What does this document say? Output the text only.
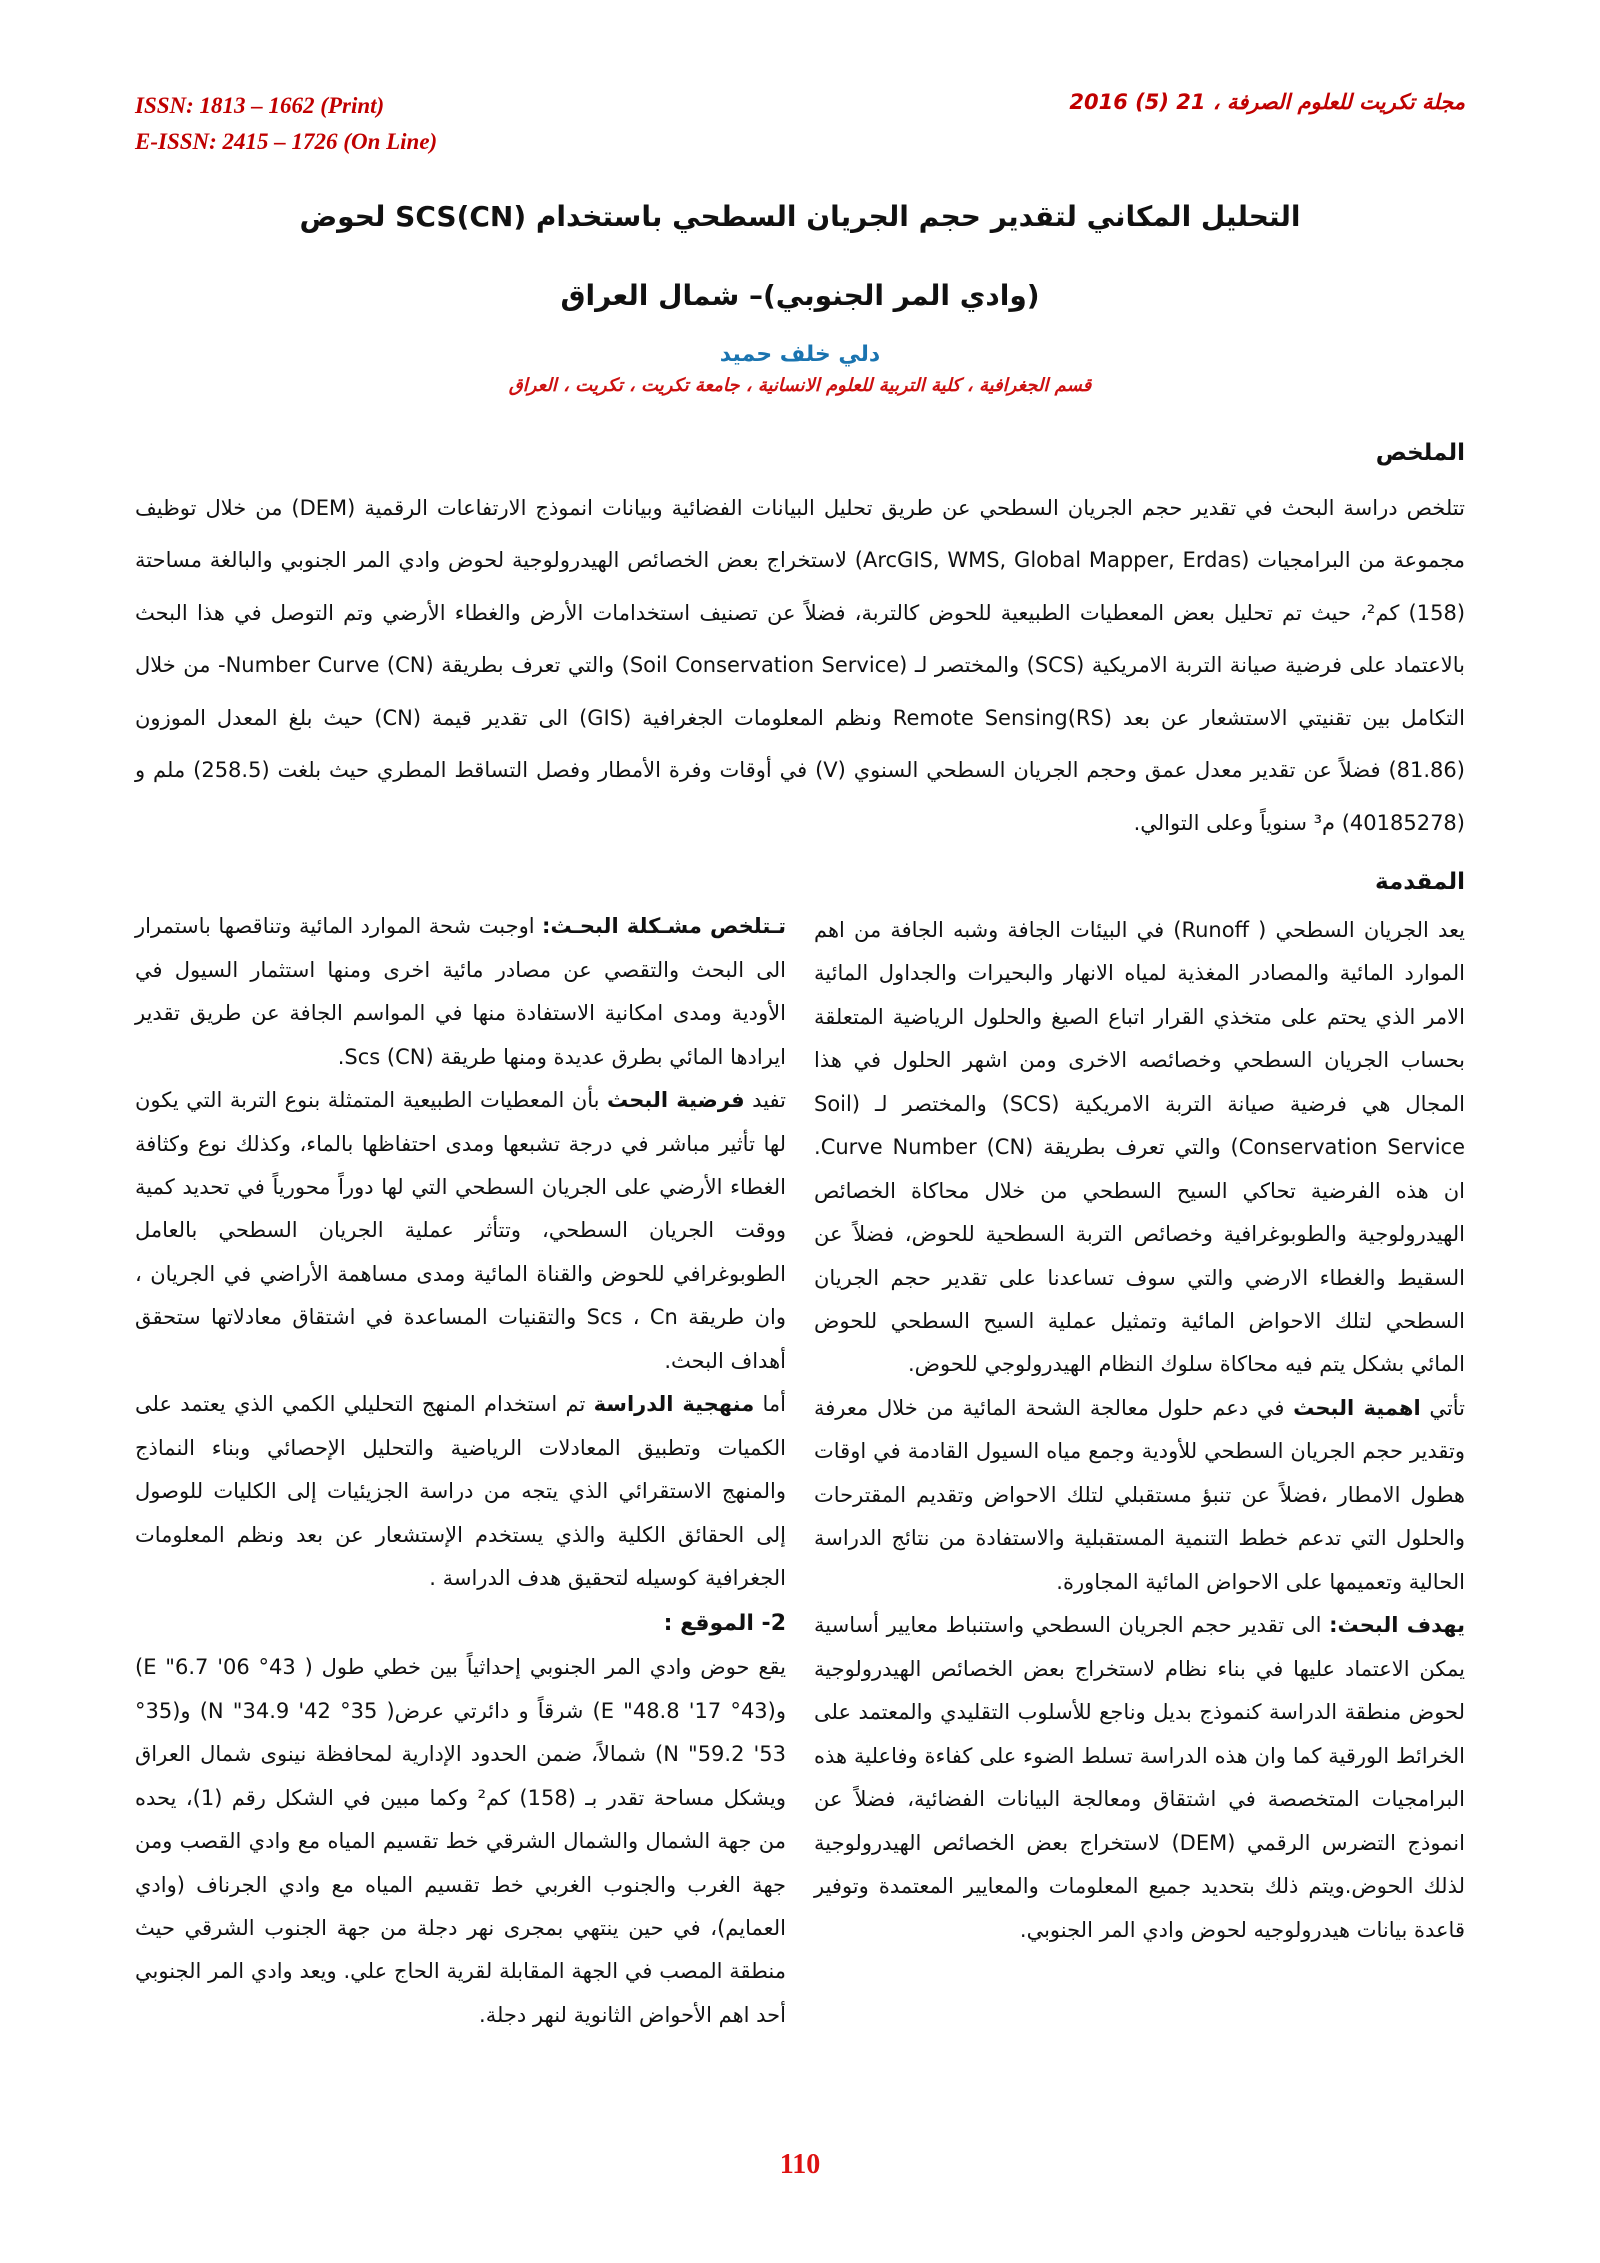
ISSN: 1813 – 1662 (Print)
E-ISSN: 2415 – 1726 (On Line)
مجلة تكريت للعلوم الصرفة ، 21 (5) 2016
التحليل المكاني لتقدير حجم الجريان السطحي باستخدام SCS(CN) لحوض
(وادي المر الجنوبي)– شمال العراق
دلي خلف حميد
قسم الجغرافية ، كلية التربية للعلوم الانسانية ، جامعة تكريت ، تكريت ، العراق
الملخص

تتلخص دراسة البحث في تقدير حجم الجريان السطحي عن طريق تحليل البيانات الفضائية وبيانات انموذج الارتفاعات الرقمية (DEM) من خلال توظيف مجموعة من البرامجيات (ArcGIS, WMS, Global Mapper, Erdas) لاستخراج بعض الخصائص الهيدرولوجية لحوض وادي المر الجنوبي والبالغة مساحتة (158) كم²، حيث تم تحليل بعض المعطيات الطبيعية للحوض كالتربة، فضلاً عن تصنيف استخدامات الأرض والغطاء الأرضي وتم التوصل في هذا البحث بالاعتماد على فرضية صيانة التربة الامريكية (SCS) والمختصر لـ (Soil Conservation Service) والتي تعرف بطريقة Number Curve (CN)- من خلال التكامل بين تقنيتي الاستشعار عن بعد Remote Sensing(RS) ونظم المعلومات الجغرافية (GIS) الى تقدير قيمة (CN) حيث بلغ المعدل الموزون (81.86) فضلاً عن تقدير معدل عمق وحجم الجريان السطحي السنوي (V) في أوقات وفرة الأمطار وفصل التساقط المطري حيث بلغت (258.5) ملم و (40185278) م³ سنوياً وعلى التوالي.

المقدمة

يعد الجريان السطحي ( Runoff) في البيئات الجافة وشبه الجافة من اهم الموارد المائية والمصادر المغذية لمياه الانهار والبحيرات والجداول المائية الامر الذي يحتم على متخذي القرار اتباع الصيغ والحلول الرياضية المتعلقة بحساب الجريان السطحي وخصائصه الاخرى ومن اشهر الحلول في هذا المجال هي فرضية صيانة التربة الامريكية (SCS) والمختصر لـ (Soil Conservation Service) والتي تعرف بطريقة Curve Number (CN). ان هذه الفرضية تحاكي السيح السطحي من خلال محاكاة الخصائص الهيدرولوجية والطوبوغرافية وخصائص التربة السطحية للحوض، فضلاً عن السقيط والغطاء الارضي والتي سوف تساعدنا على تقدير حجم الجريان السطحي لتلك الاحواض المائية وتمثيل عملية السيح السطحي للحوض المائي بشكل يتم فيه محاكاة سلوك النظام الهيدرولوجي للحوض.

تأتي اهمية البحث في دعم حلول معالجة الشحة المائية من خلال معرفة وتقدير حجم الجريان السطحي للأودية وجمع مياه السيول القادمة في اوقات هطول الامطار ،فضلاً عن تنبؤ مستقبلي لتلك الاحواض وتقديم المقترحات والحلول التي تدعم خطط التنمية المستقبلية والاستفادة من نتائج الدراسة الحالية وتعميمها على الاحواض المائية المجاورة.

يهدف البحث: الى تقدير حجم الجريان السطحي واستنباط معايير أساسية يمكن الاعتماد عليها في بناء نظام لاستخراج بعض الخصائص الهيدرولوجية لحوض منطقة الدراسة كنموذج بديل وناجع للأسلوب التقليدي والمعتمد على الخرائط الورقية كما وان هذه الدراسة تسلط الضوء على كفاءة وفاعلية هذه البرامجيات المتخصصة في اشتقاق ومعالجة البيانات الفضائية، فضلاً عن انموذج التضرس الرقمي (DEM) لاستخراج بعض الخصائص الهيدرولوجية لذلك الحوض.ويتم ذلك بتحديد جميع المعلومات والمعايير المعتمدة وتوفير قاعدة بيانات هيدرولوجيه لحوض وادي المر الجنوبي.

تـتلخص مشـكلة البحـث: اوجبت شحة الموارد المائية وتناقصها باستمرار الى البحث والتقصي عن مصادر مائية اخرى ومنها استثمار السيول في الأودية ومدى امكانية الاستفادة منها في المواسم الجافة عن طريق تقدير ايرادها المائي بطرق عديدة ومنها طريقة (CN) Scs.

تفيد فرضية البحث بأن المعطيات الطبيعية المتمثلة بنوع التربة التي يكون لها تأثير مباشر في درجة تشبعها ومدى احتفاظها بالماء، وكذلك نوع وكثافة الغطاء الأرضي على الجريان السطحي التي لها دوراً محورياً في تحديد كمية ووقت الجريان السطحي، وتتأثر عملية الجريان السطحي بالعامل الطوبوغرافي للحوض والقناة المائية ومدى مساهمة الأراضي في الجريان ، وان طريقة Scs ، Cn والتقنيات المساعدة في اشتقاق معادلاتها ستحقق أهداف البحث.

أما منهجية الدراسة تم استخدام المنهج التحليلي الكمي الذي يعتمد على الكميات وتطبيق المعادلات الرياضية والتحليل الإحصائي وبناء النماذج والمنهج الاستقرائي الذي يتجه من دراسة الجزيئيات إلى الكليات للوصول إلى الحقائق الكلية والذي يستخدم الإستشعار عن بعد ونظم المعلومات الجغرافية كوسيله لتحقيق هدف الدراسة .

2- الموقع :

يقع حوض وادي المر الجنوبي إحداثياً بين خطي طول ( 43° 06' 6.7" E) و(43° 17' 48.8" E) شرقاً و دائرتي عرض( 35° 42' 34.9" N) و(35° 53' 59.2" N) شمالاً، ضمن الحدود الإدارية لمحافظة نينوى شمال العراق ويشكل مساحة تقدر بـ (158) كم² وكما مبين في الشكل رقم (1)، يحده من جهة الشمال والشمال الشرقي خط تقسيم المياه مع وادي القصب ومن جهة الغرب والجنوب الغربي خط تقسيم المياه مع وادي الجرناف (وادي العمايم)، في حين ينتهي بمجرى نهر دجلة من جهة الجنوب الشرقي حيث منطقة المصب في الجهة المقابلة لقرية الحاج علي. ويعد وادي المر الجنوبي أحد اهم الأحواض الثانوية لنهر دجلة.

110
